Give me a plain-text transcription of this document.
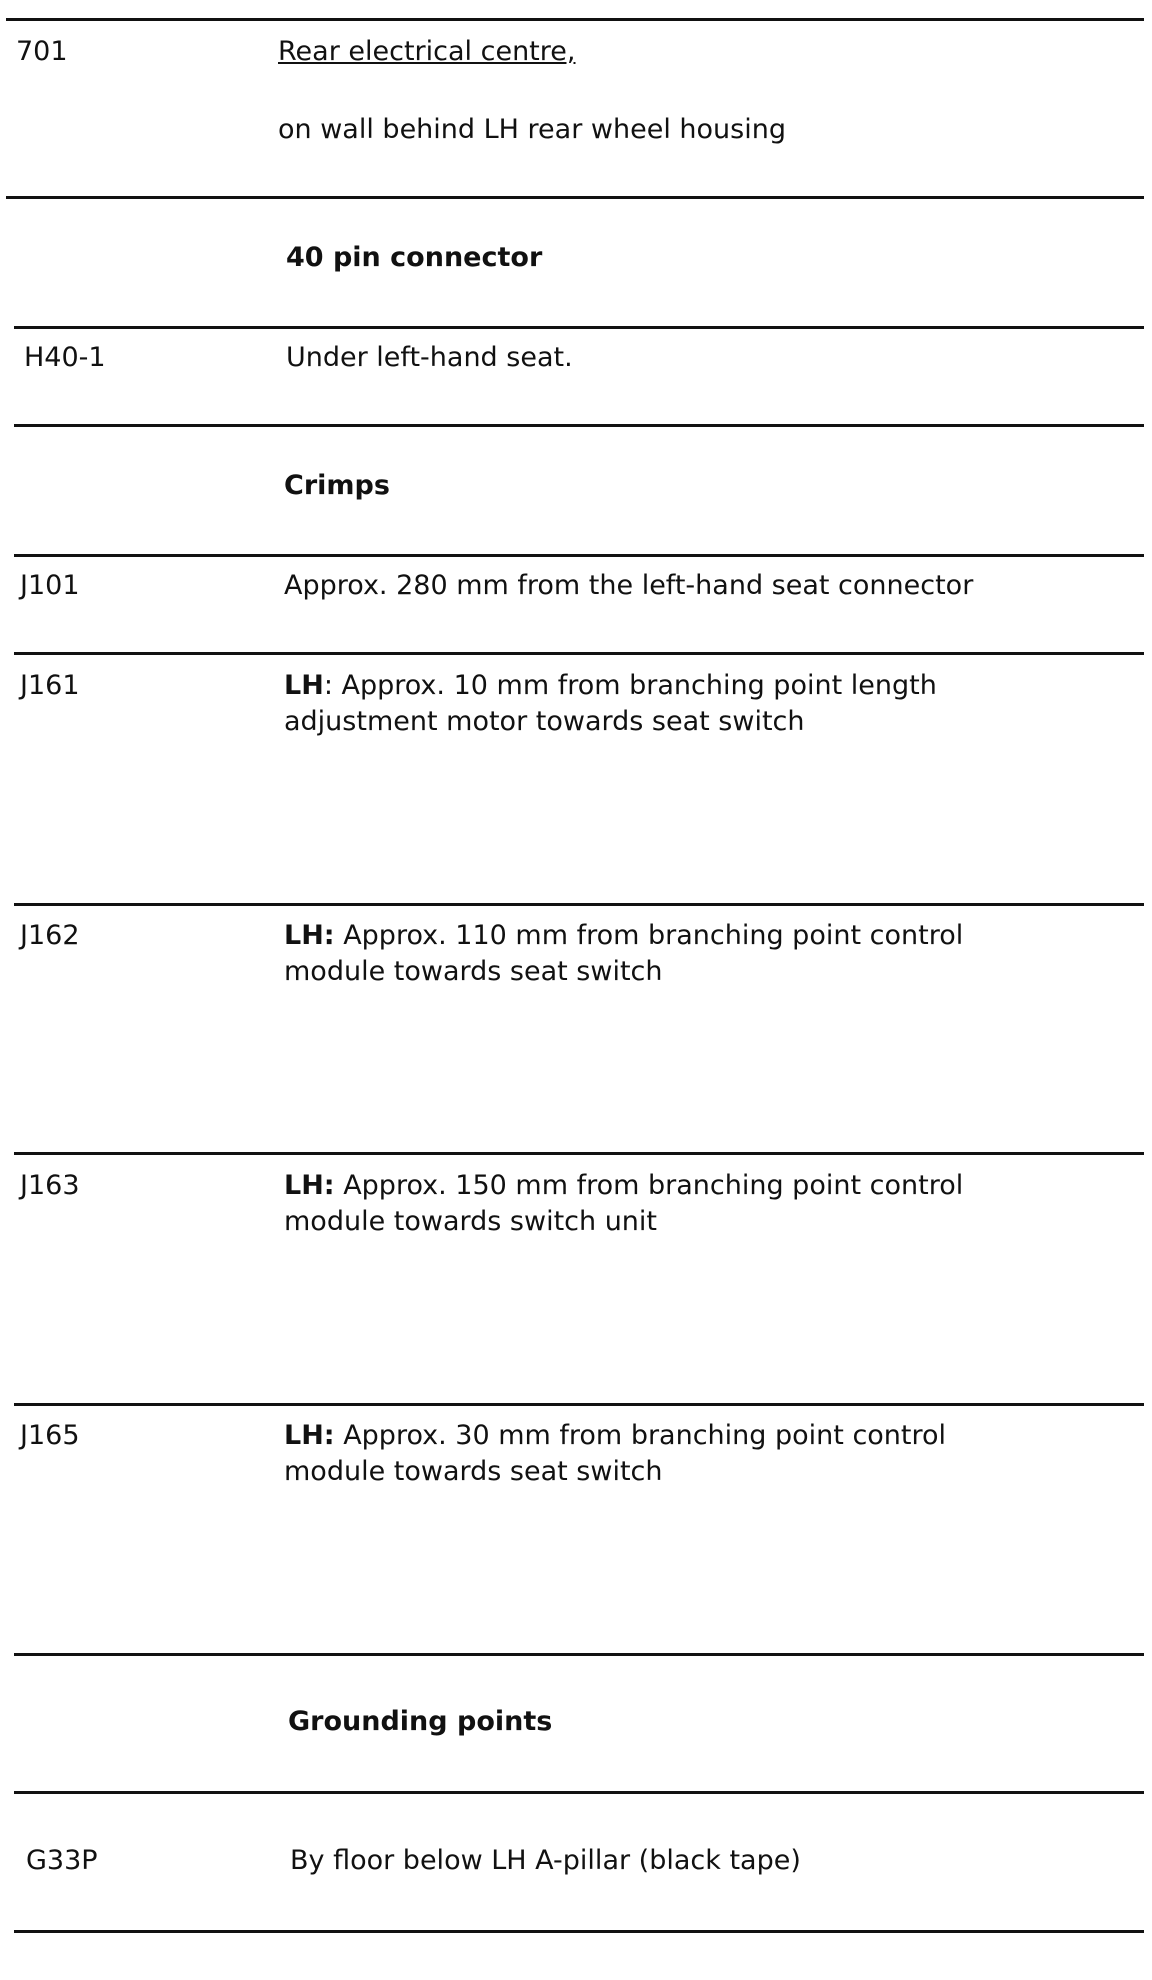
701	Rear electrical centre,
on wall behind LH rear wheel housing
40 pin connector
H40-1	Under left-hand seat.
Crimps
J101	Approx. 280 mm from the left-hand seat connector
J161	LH: Approx. 10 mm from branching point length
adjustment motor towards seat switch
J162	LH: Approx. 110 mm from branching point control
module towards seat switch
J163	LH: Approx. 150 mm from branching point control
module towards switch unit
J165	LH: Approx. 30 mm from branching point control
module towards seat switch
Grounding points
G33P	By floor below LH A-pillar (black tape)
